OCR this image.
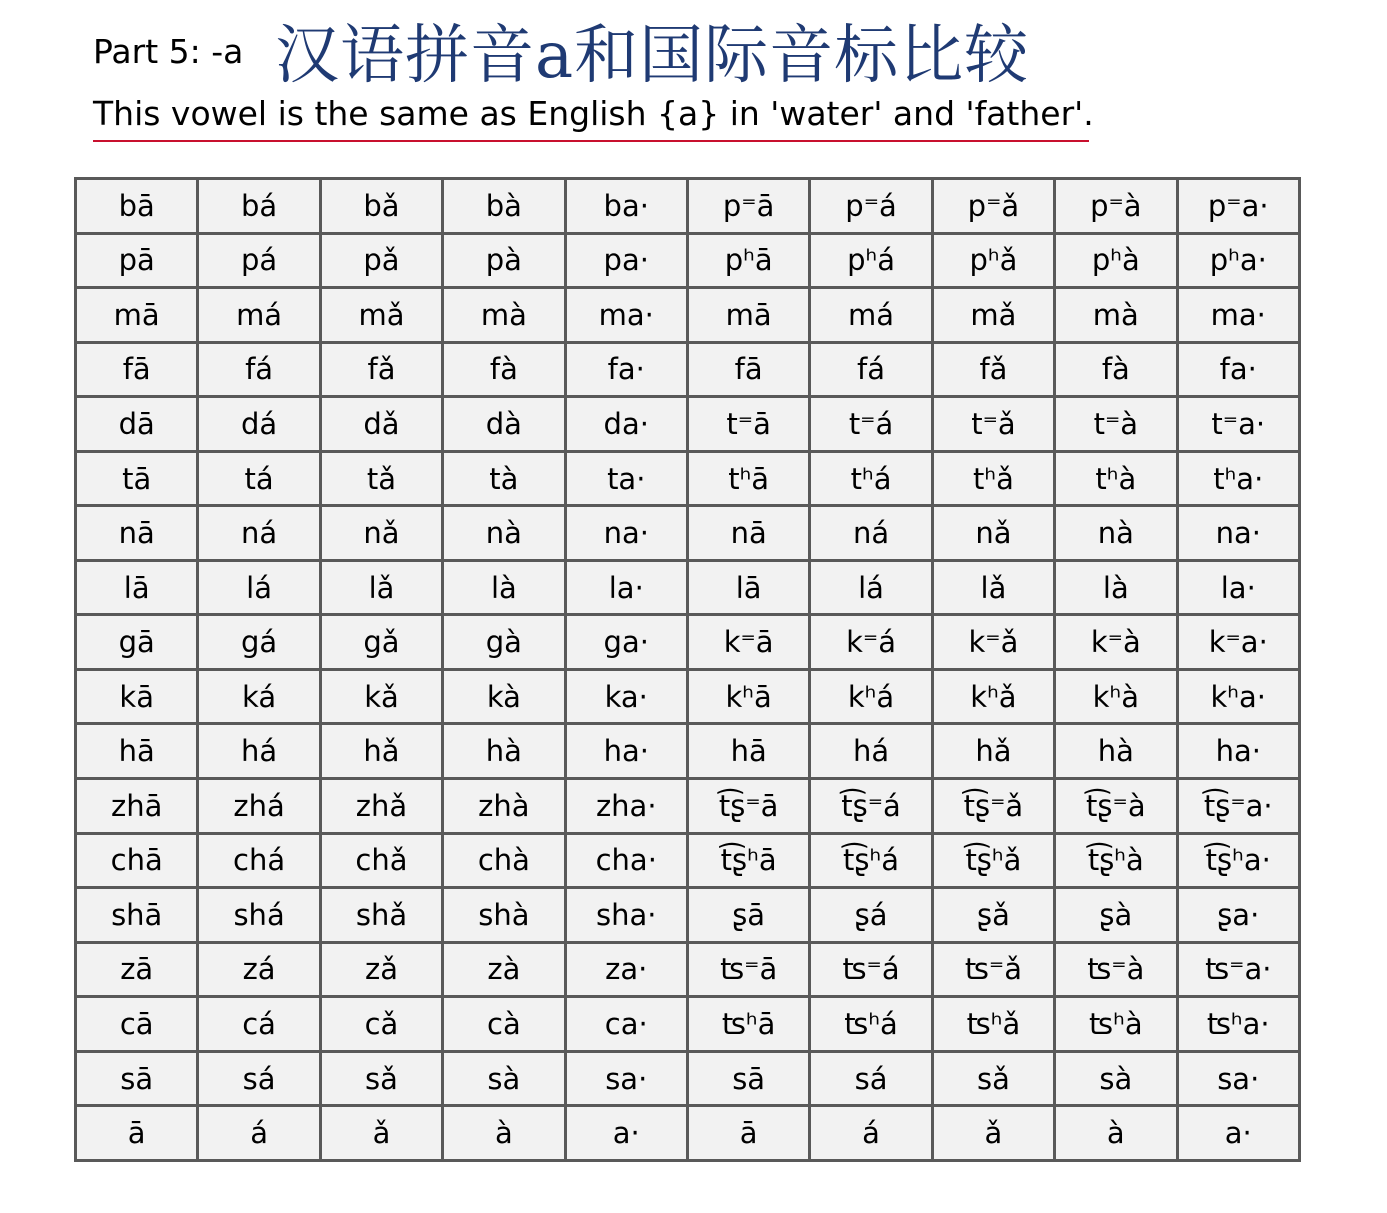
Part 5: -a 汉语拼音a和国际音标比较
This vowel is the same as English {a} in 'water' and 'father'.
bā	bá	bǎ	bà	ba·	p⁼ā	p⁼á	p⁼ǎ	p⁼à	p⁼a·
pā	pá	pǎ	pà	pa·	pʰā	pʰá	pʰǎ	pʰà	pʰa·
mā	má	mǎ	mà	ma·	mā	má	mǎ	mà	ma·
fā	fá	fǎ	fà	fa·	fā	fá	fǎ	fà	fa·
dā	dá	dǎ	dà	da·	t⁼ā	t⁼á	t⁼ǎ	t⁼à	t⁼a·
tā	tá	tǎ	tà	ta·	tʰā	tʰá	tʰǎ	tʰà	tʰa·
nā	ná	nǎ	nà	na·	nā	ná	nǎ	nà	na·
lā	lá	lǎ	là	la·	lā	lá	lǎ	là	la·
gā	gá	gǎ	gà	ga·	k⁼ā	k⁼á	k⁼ǎ	k⁼à	k⁼a·
kā	ká	kǎ	kà	ka·	kʰā	kʰá	kʰǎ	kʰà	kʰa·
hā	há	hǎ	hà	ha·	hā	há	hǎ	hà	ha·
zhā	zhá	zhǎ	zhà	zha·	t͡ʂ⁼ā	t͡ʂ⁼á	t͡ʂ⁼ǎ	t͡ʂ⁼à	t͡ʂ⁼a·
chā	chá	chǎ	chà	cha·	t͡ʂʰā	t͡ʂʰá	t͡ʂʰǎ	t͡ʂʰà	t͡ʂʰa·
shā	shá	shǎ	shà	sha·	ʂā	ʂá	ʂǎ	ʂà	ʂa·
zā	zá	zǎ	zà	za·	ʦ⁼ā	ʦ⁼á	ʦ⁼ǎ	ʦ⁼à	ʦ⁼a·
cā	cá	cǎ	cà	ca·	ʦʰā	ʦʰá	ʦʰǎ	ʦʰà	ʦʰa·
sā	sá	sǎ	sà	sa·	sā	sá	sǎ	sà	sa·
ā	á	ǎ	à	a·	ā	á	ǎ	à	a·
